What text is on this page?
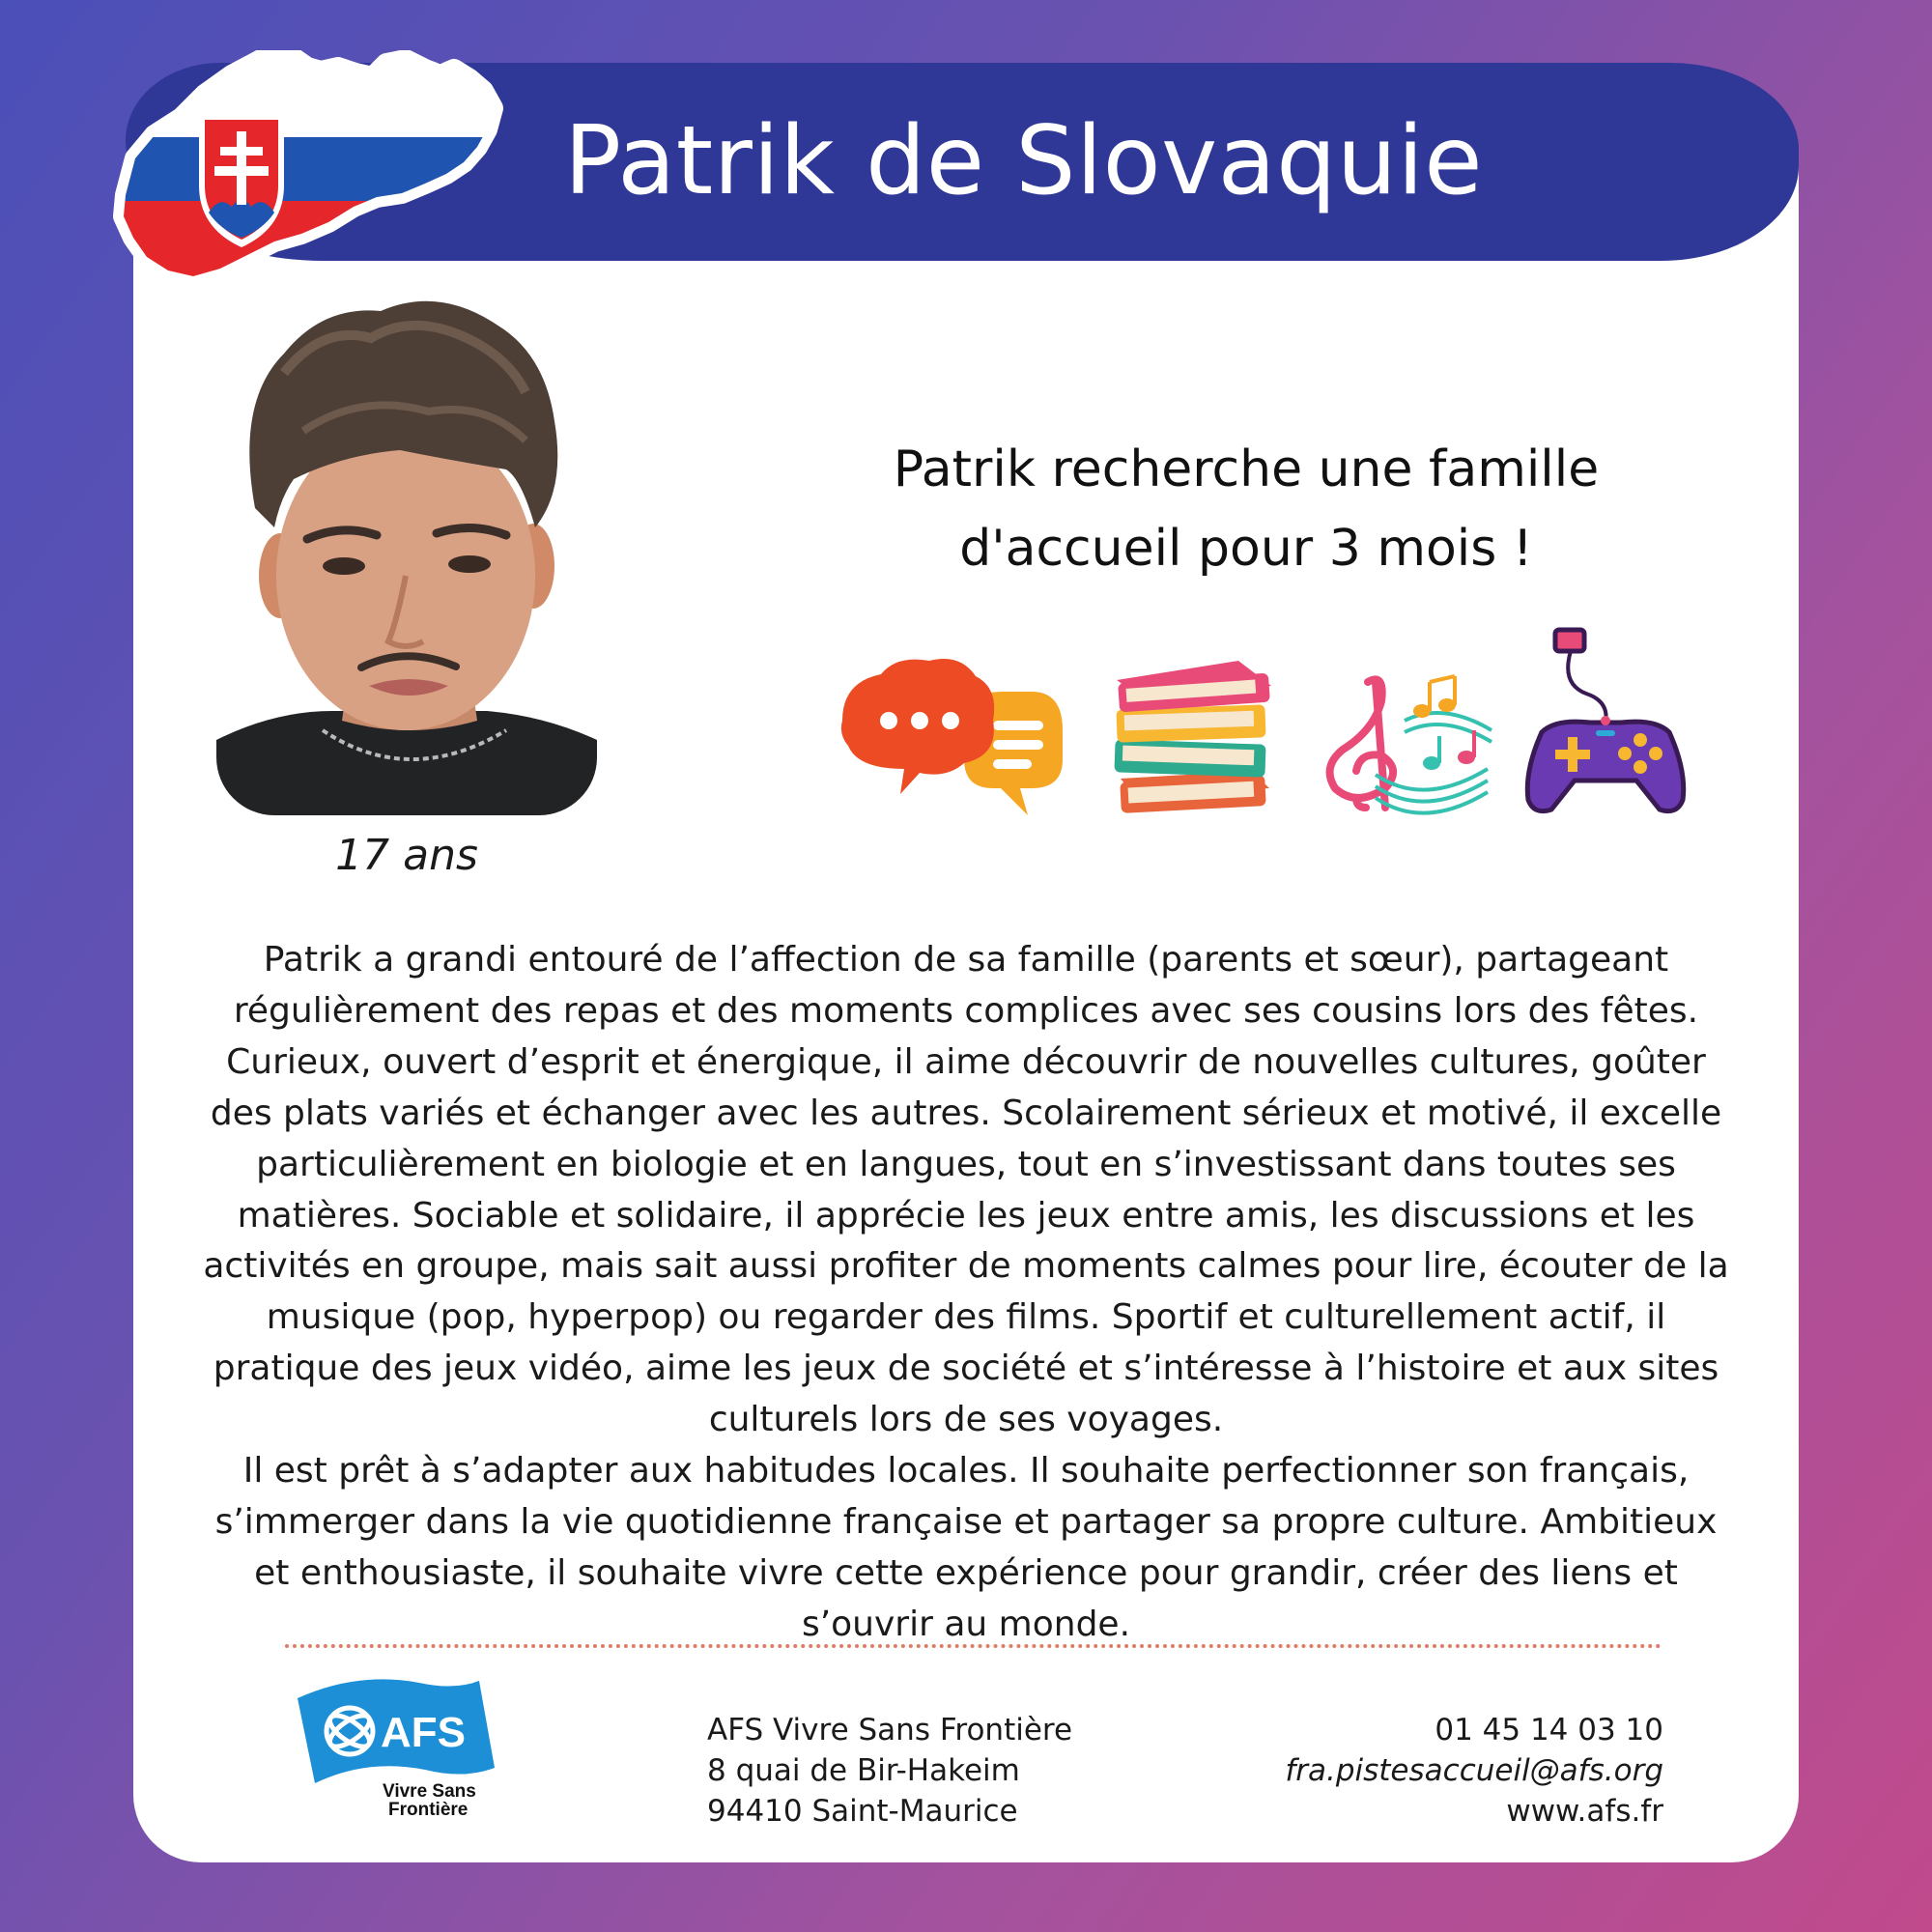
Patrik de Slovaquie
17 ans
Patrik recherche une famille
d'accueil pour 3 mois !

Patrik a grandi entouré de l’affection de sa famille (parents et sœur), partageant régulièrement des repas et des moments complices avec ses cousins lors des fêtes. Curieux, ouvert d’esprit et énergique, il aime découvrir de nouvelles cultures, goûter des plats variés et échanger avec les autres. Scolairement sérieux et motivé, il excelle particulièrement en biologie et en langues, tout en s’investissant dans toutes ses matières. Sociable et solidaire, il apprécie les jeux entre amis, les discussions et les activités en groupe, mais sait aussi profiter de moments calmes pour lire, écouter de la musique (pop, hyperpop) ou regarder des films. Sportif et culturellement actif, il pratique des jeux vidéo, aime les jeux de société et s’intéresse à l’histoire et aux sites culturels lors de ses voyages.

Il est prêt à s’adapter aux habitudes locales. Il souhaite perfectionner son français, s’immerger dans la vie quotidienne française et partager sa propre culture. Ambitieux et enthousiaste, il souhaite vivre cette expérience pour grandir, créer des liens et s’ouvrir au monde.

AFS
Vivre Sans
Frontière
AFS Vivre Sans Frontière
8 quai de Bir-Hakeim
94410 Saint-Maurice
01 45 14 03 10
fra.pistesaccueil@afs.org
www.afs.fr
